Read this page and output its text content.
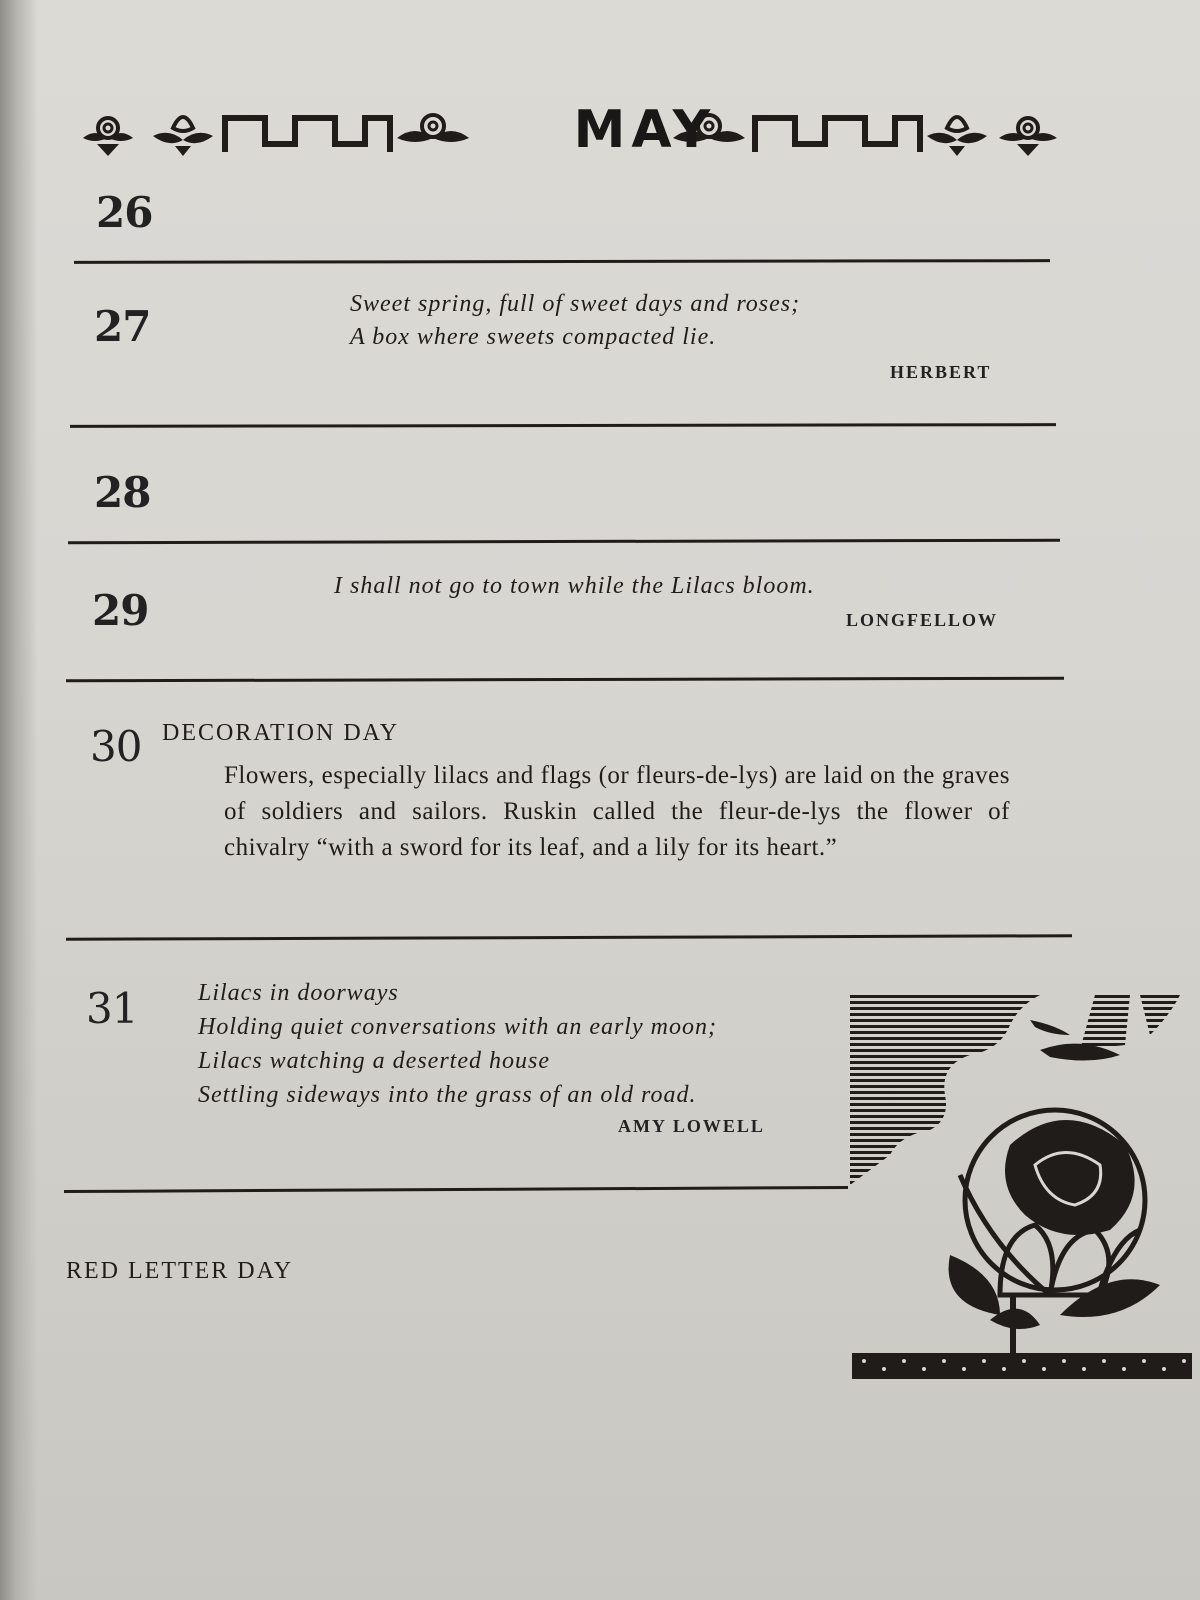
MAY
26
27	Sweet spring, full of sweet days and roses;
A box where sweets compacted lie.
HERBERT
28
29	I shall not go to town while the Lilacs bloom.
LONGFELLOW
30 DECORATION DAY
Flowers, especially lilacs and flags (or fleurs-de-lys) are laid on the graves of soldiers and sailors. Ruskin called the fleur-de-lys the flower of chivalry “with a sword for its leaf, and a lily for its heart.”
31	Lilacs in doorways
Holding quiet conversations with an early moon;
Lilacs watching a deserted house
Settling sideways into the grass of an old road.
AMY LOWELL
RED LETTER DAY
